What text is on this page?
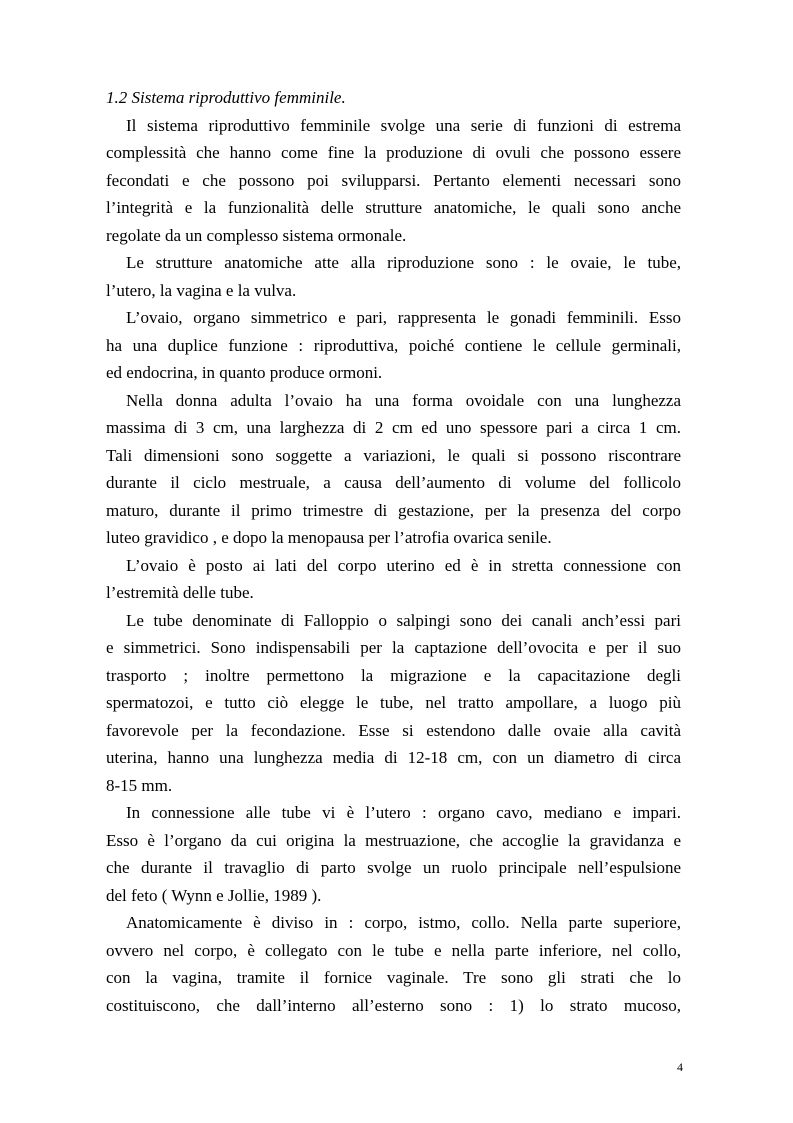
1.2 Sistema riproduttivo femminile.

Il sistema riproduttivo femminile svolge una serie di funzioni di estrema
complessità che hanno come fine la produzione di ovuli che possono essere
fecondati e che possono poi svilupparsi. Pertanto elementi necessari sono
l’integrità e la funzionalità delle strutture anatomiche, le quali sono anche
regolate da un complesso sistema ormonale.
Le strutture anatomiche atte alla riproduzione sono : le ovaie, le tube,
l’utero, la vagina e la vulva.
L’ovaio, organo simmetrico e pari, rappresenta le gonadi femminili. Esso
ha una duplice funzione : riproduttiva, poiché contiene le cellule germinali,
ed endocrina, in quanto produce ormoni.
Nella donna adulta l’ovaio ha una forma ovoidale con una lunghezza
massima di 3 cm, una larghezza di 2 cm ed uno spessore pari a circa 1 cm.
Tali dimensioni sono soggette a variazioni, le quali si possono riscontrare
durante il ciclo mestruale, a causa dell’aumento di volume del follicolo
maturo, durante il primo trimestre di gestazione, per la presenza del corpo
luteo gravidico , e dopo la menopausa per l’atrofia ovarica senile.
L’ovaio è posto ai lati del corpo uterino ed è in stretta connessione con
l’estremità delle tube.
Le tube denominate di Falloppio o salpingi sono dei canali anch’essi pari
e simmetrici. Sono indispensabili per la captazione dell’ovocita e per il suo
trasporto ; inoltre permettono la migrazione e la capacitazione degli
spermatozoi, e tutto ciò elegge le tube, nel tratto ampollare, a luogo più
favorevole per la fecondazione. Esse si estendono dalle ovaie alla cavità
uterina, hanno una lunghezza media di 12-18 cm, con un diametro di circa
8-15 mm.
In connessione alle tube vi è l’utero : organo cavo, mediano e impari.
Esso è l’organo da cui origina la mestruazione, che accoglie la gravidanza e
che durante il travaglio di parto svolge un ruolo principale nell’espulsione
del feto ( Wynn e Jollie, 1989 ).
Anatomicamente è diviso in : corpo, istmo, collo. Nella parte superiore,
ovvero nel corpo, è collegato con le tube e nella parte inferiore, nel collo,
con la vagina, tramite il fornice vaginale. Tre sono gli strati che lo
costituiscono, che dall’interno all’esterno sono : 1) lo strato mucoso,
4
